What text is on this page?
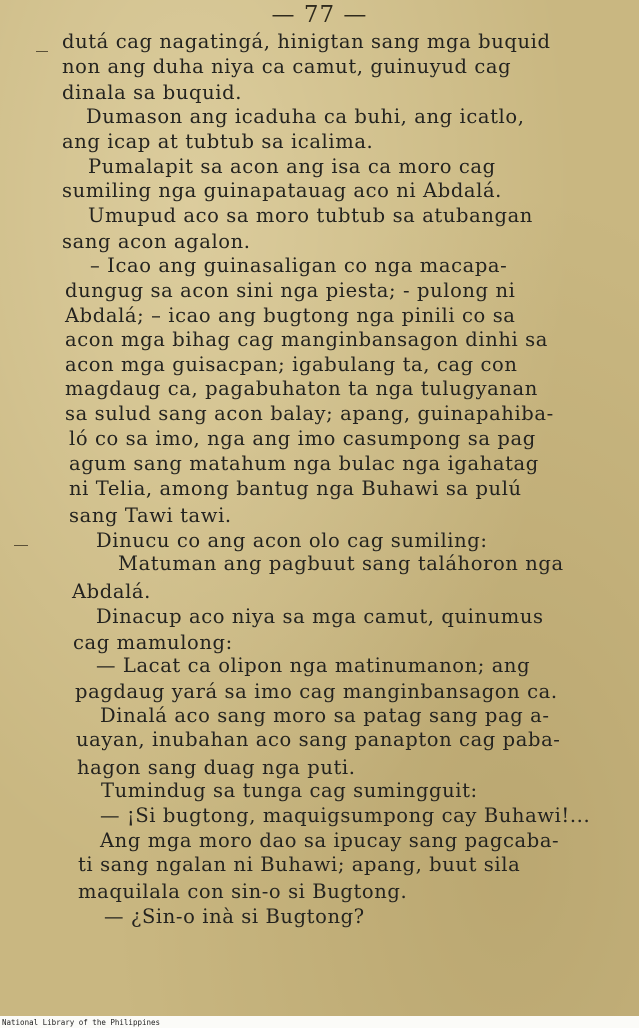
— 77 —
dutá cag nagatingá, hinigtan sang mga buquid
non ang duha niya ca camut, guinuyud cag
dinala sa buquid.
Dumason ang icaduha ca buhi, ang icatlo,
ang icap at tubtub sa icalima.
Pumalapit sa acon ang isa ca moro cag
sumiling nga guinapatauag aco ni Abdalá.
Umupud aco sa moro tubtub sa atubangan
sang acon agalon.
– Icao ang guinasaligan co nga macapa-
dungug sa acon sini nga piesta; - pulong ni
Abdalá; – icao ang bugtong nga pinili co sa
acon mga bihag cag manginbansagon dinhi sa
acon mga guisacpan; igabulang ta, cag con
magdaug ca, pagabuhaton ta nga tulugyanan
sa sulud sang acon balay; apang, guinapahiba-
ló co sa imo, nga ang imo casumpong sa pag
agum sang matahum nga bulac nga igahatag
ni Telia, among bantug nga Buhawi sa pulú
sang Tawi tawi.
Dinucu co ang acon olo cag sumiling:
Matuman ang pagbuut sang taláhoron nga
Abdalá.
Dinacup aco niya sa mga camut, quinumus
cag mamulong:
— Lacat ca olipon nga matinumanon; ang
pagdaug yará sa imo cag manginbansagon ca.
Dinalá aco sang moro sa patag sang pag a-
uayan, inubahan aco sang panapton cag paba-
hagon sang duag nga puti.
Tumindug sa tunga cag sumingguit:
— ¡Si bugtong, maquigsumpong cay Buhawi!...
Ang mga moro dao sa ipucay sang pagcaba-
ti sang ngalan ni Buhawi; apang, buut sila
maquilala con sin-o si Bugtong.
— ¿Sin-o inà si Bugtong?
National Library of the Philippines
